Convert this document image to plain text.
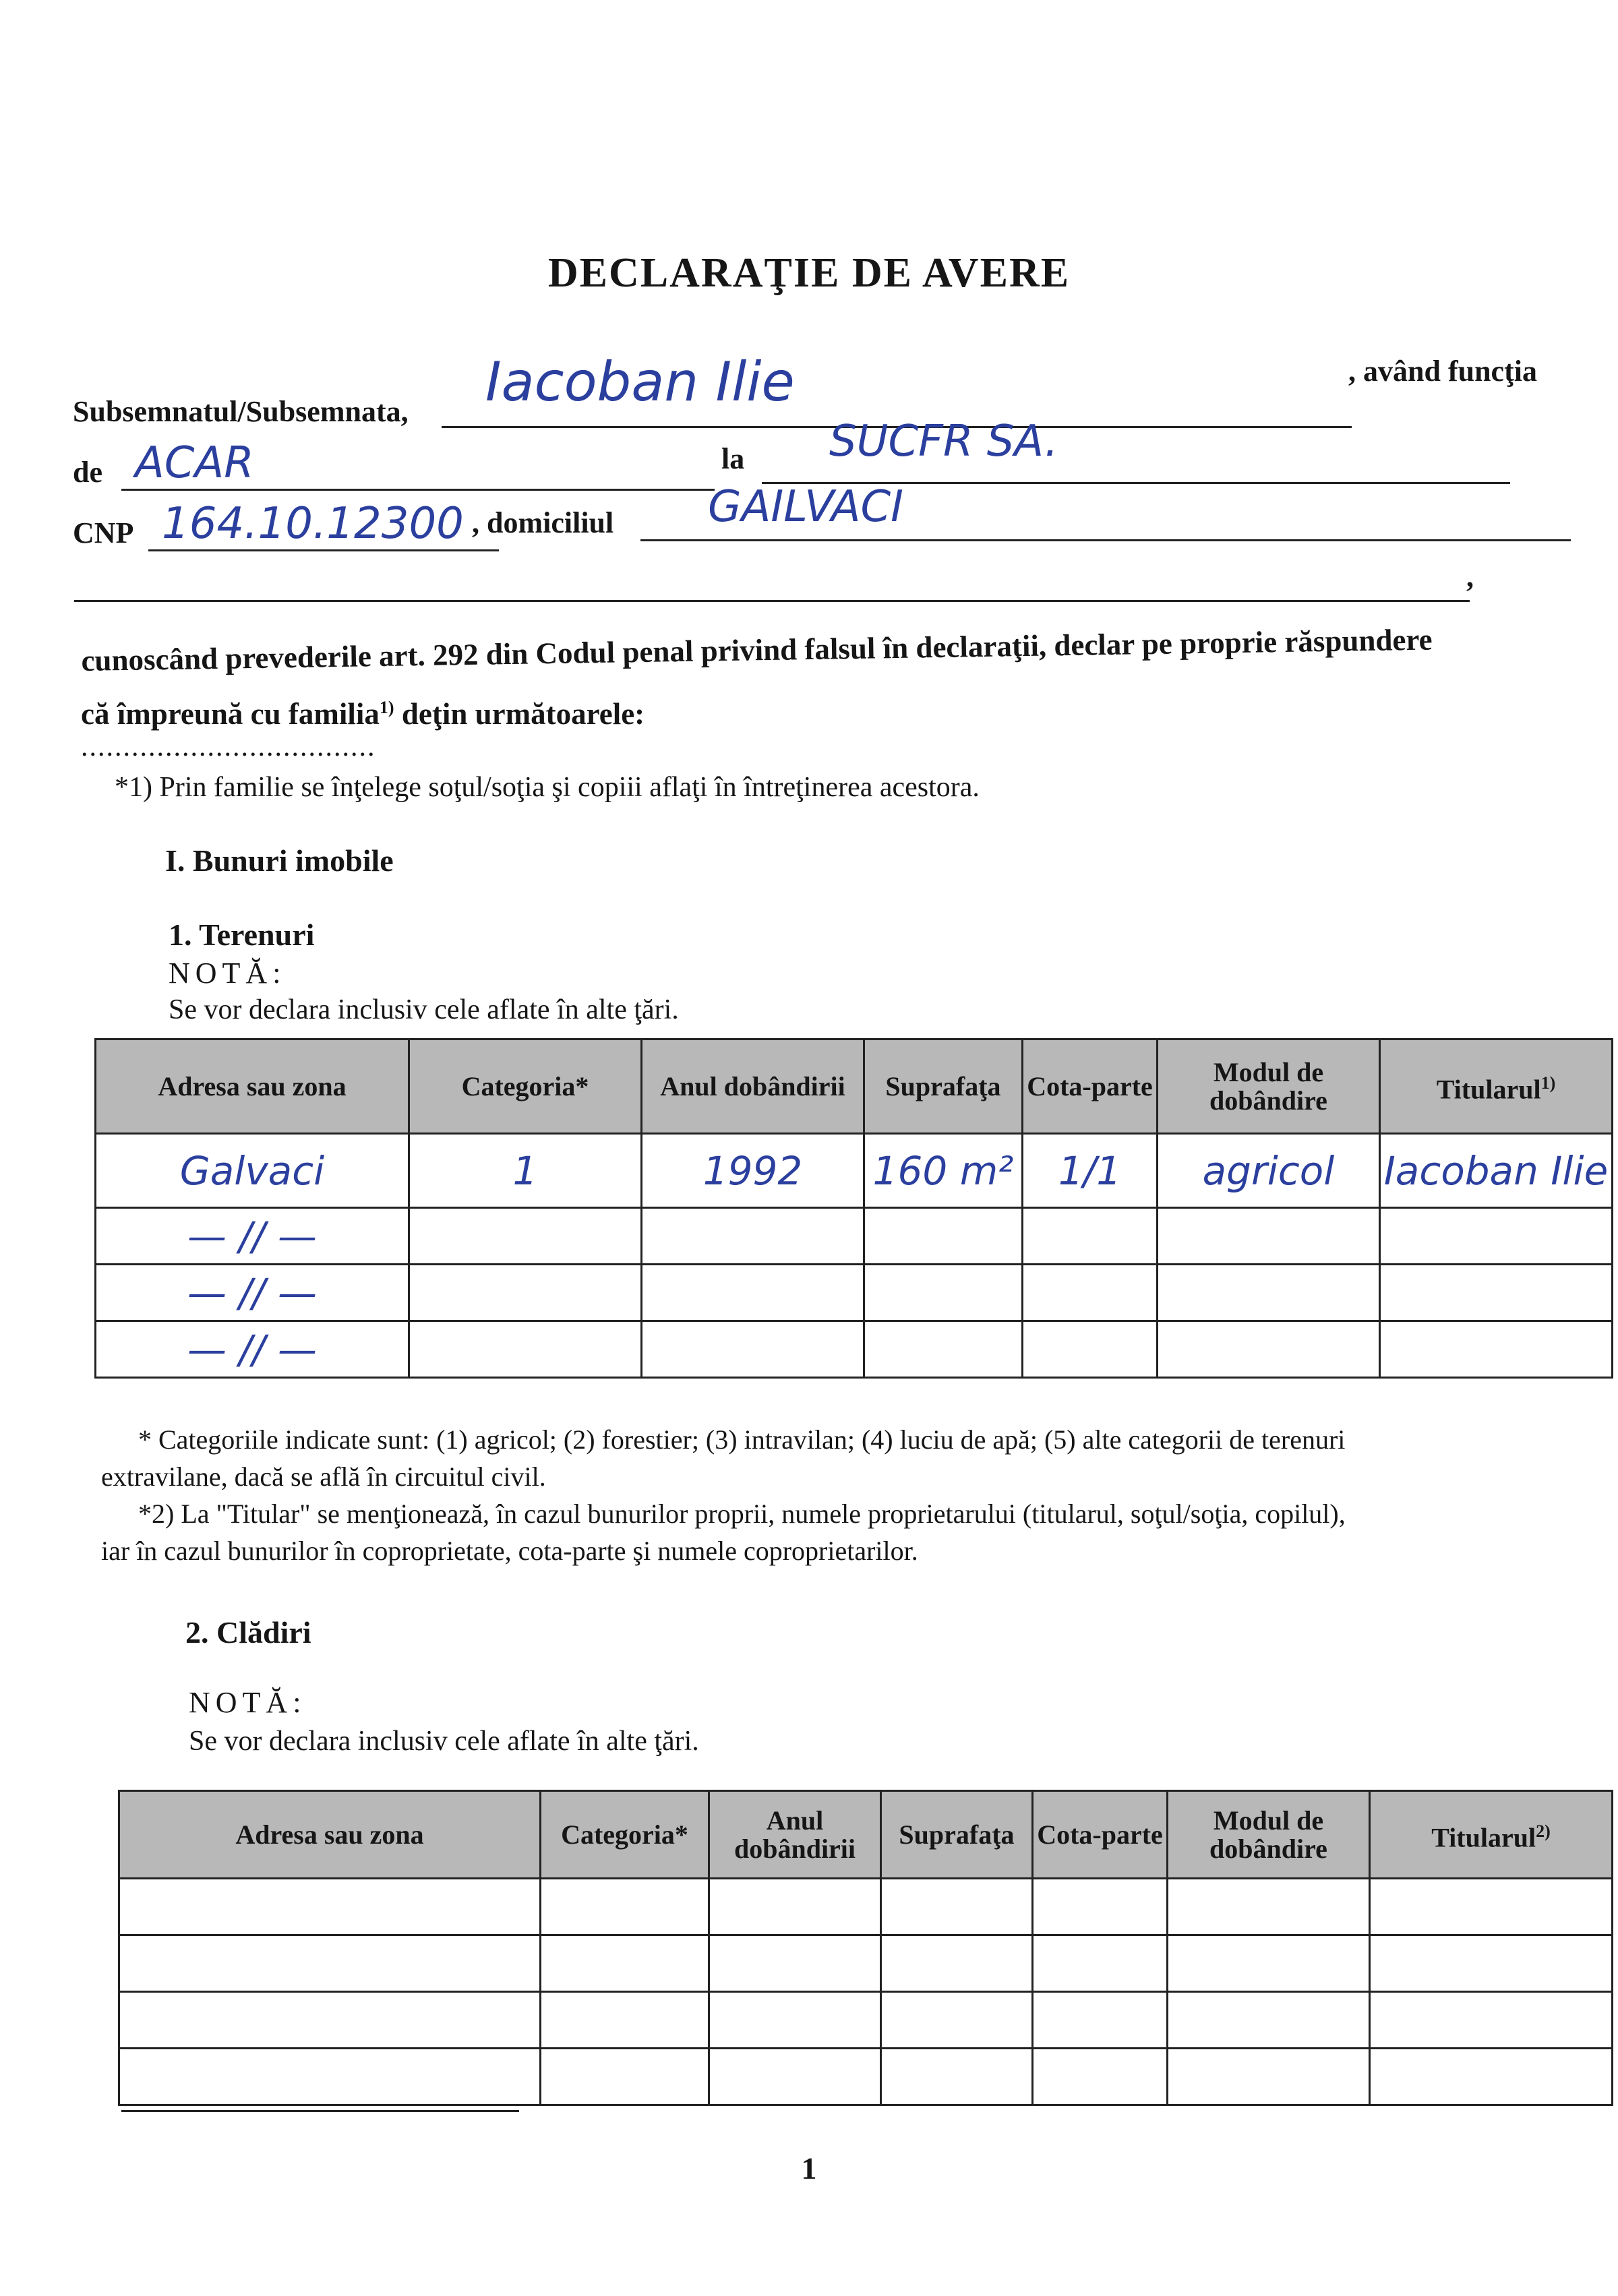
DECLARAŢIE DE AVERE
Subsemnatul/Subsemnata, Iacoban Ilie	, având funcţia
de ACAR	la SUCFR SA.
CNP 164.10.12300 , domiciliul GAILVACI
,
cunoscând prevederile art. 292 din Codul penal privind falsul în declaraţii, declar pe proprie răspundere
că împreună cu familia$^{1)}$ deţin următoarele:
...................................
*1) Prin familie se înţelege soţul/soţia şi copiii aflaţi în întreţinerea acestora.
I. Bunuri imobile
1. Terenuri
NOTĂ:
Se vor declara inclusiv cele aflate în alte ţări.
Adresa sau zona	Categoria*	Anul dobândirii	Suprafaţa	Cota-parte	Modul de dobândire	Titularul$^{1)}$
Galvaci	1	1992	160 m²	1/1	agricol	Iacoban Ilie
— // —						
— // —						
— // —						
* Categoriile indicate sunt: (1) agricol; (2) forestier; (3) intravilan; (4) luciu de apă; (5) alte categorii de terenuri
extravilane, dacă se află în circuitul civil.
*2) La "Titular" se menţionează, în cazul bunurilor proprii, numele proprietarului (titularul, soţul/soţia, copilul),
iar în cazul bunurilor în coproprietate, cota-parte şi numele coproprietarilor.
2. Clădiri
NOTĂ:
Se vor declara inclusiv cele aflate în alte ţări.
Adresa sau zona	Categoria*	Anul dobândirii	Suprafaţa	Cota-parte	Modul de dobândire	Titularul$^{2)}$

1
